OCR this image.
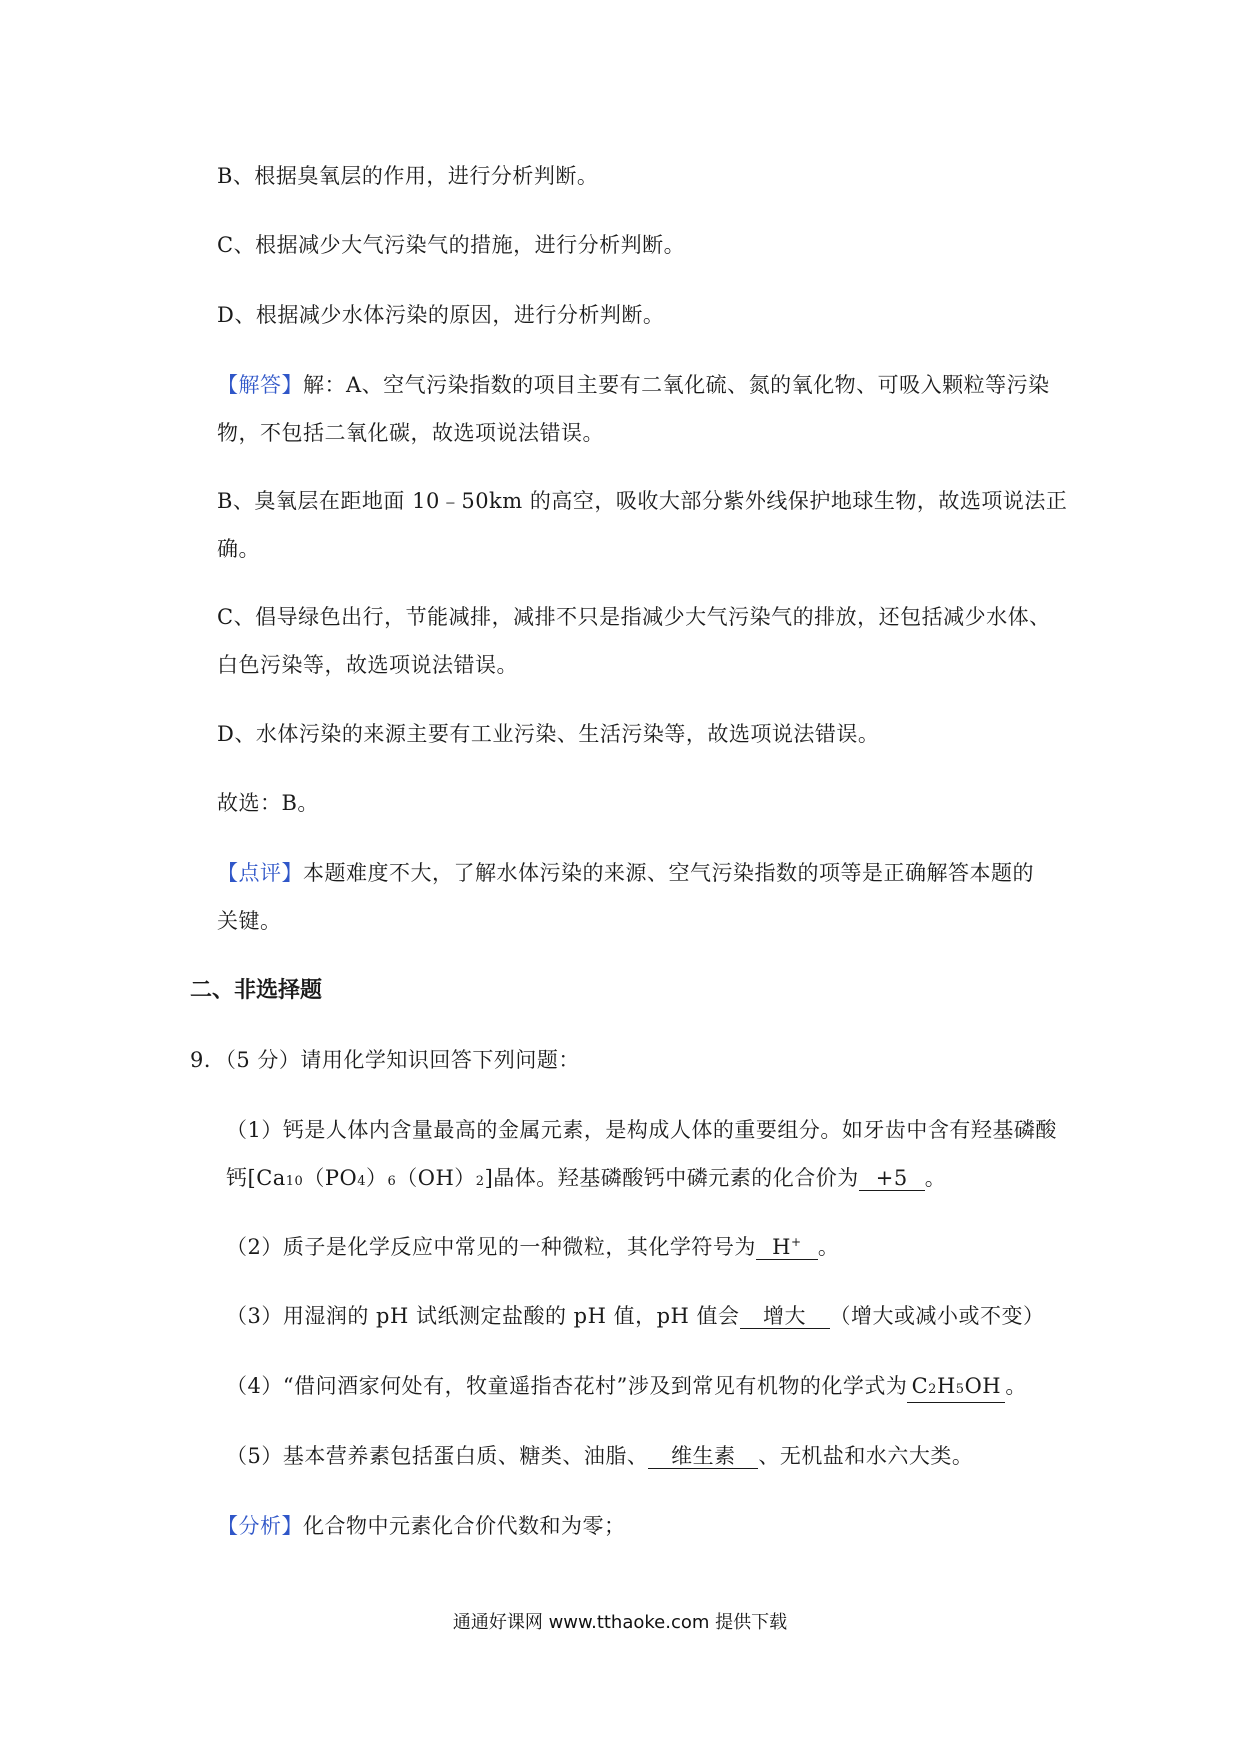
B、根据臭氧层的作用，进行分析判断。
C、根据减少大气污染气的措施，进行分析判断。
D、根据减少水体污染的原因，进行分析判断。
【解答】解：A、空气污染指数的项目主要有二氧化硫、氮的氧化物、可吸入颗粒等污染
物，不包括二氧化碳，故选项说法错误。
B、臭氧层在距地面 10﹣50km 的高空，吸收大部分紫外线保护地球生物，故选项说法正
确。
C、倡导绿色出行，节能减排，减排不只是指减少大气污染气的排放，还包括减少水体、
白色污染等，故选项说法错误。
D、水体污染的来源主要有工业污染、生活污染等，故选项说法错误。
故选：B。
【点评】本题难度不大，了解水体污染的来源、空气污染指数的项等是正确解答本题的
关键。
二、非选择题
9．（5 分）请用化学知识回答下列问题：
（1）钙是人体内含量最高的金属元素，是构成人体的重要组分。如牙齿中含有羟基磷酸
钙[Ca10（PO4）6（OH）2]晶体。羟基磷酸钙中磷元素的化合价为 +5 。
（2）质子是化学反应中常见的一种微粒，其化学符号为 H+ 。
（3）用湿润的 pH 试纸测定盐酸的 pH 值，pH 值会 增大 （增大或减小或不变）
（4）“借问酒家何处有，牧童遥指杏花村”涉及到常见有机物的化学式为 C2H5OH 。
（5）基本营养素包括蛋白质、糖类、油脂、 维生素 、无机盐和水六大类。
【分析】化合物中元素化合价代数和为零；
通通好课网 www.tthaoke.com 提供下载
